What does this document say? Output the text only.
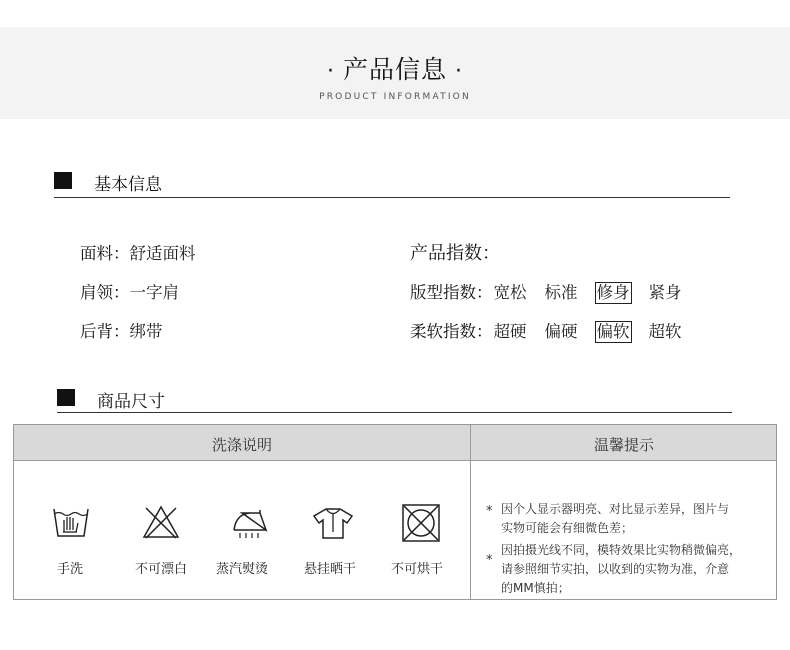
· 产品信息 ·
PRODUCT INFORMATION
基本信息
面料：舒适面料
肩领：一字肩
后背：绑带
产品指数：
版型指数：宽松 标准 修身 紧身
柔软指数：超硬 偏硬 偏软 超软
商品尺寸
洗涤说明	温馨提示
手洗	不可漂白	蒸汽熨烫	悬挂晒干	不可烘干
* 因个人显示器明亮、对比显示差异，图片与
实物可能会有细微色差；
*
因拍摄光线不同，模特效果比实物稍微偏亮，
请参照细节实拍，以收到的实物为准，介意
的MM慎拍；
